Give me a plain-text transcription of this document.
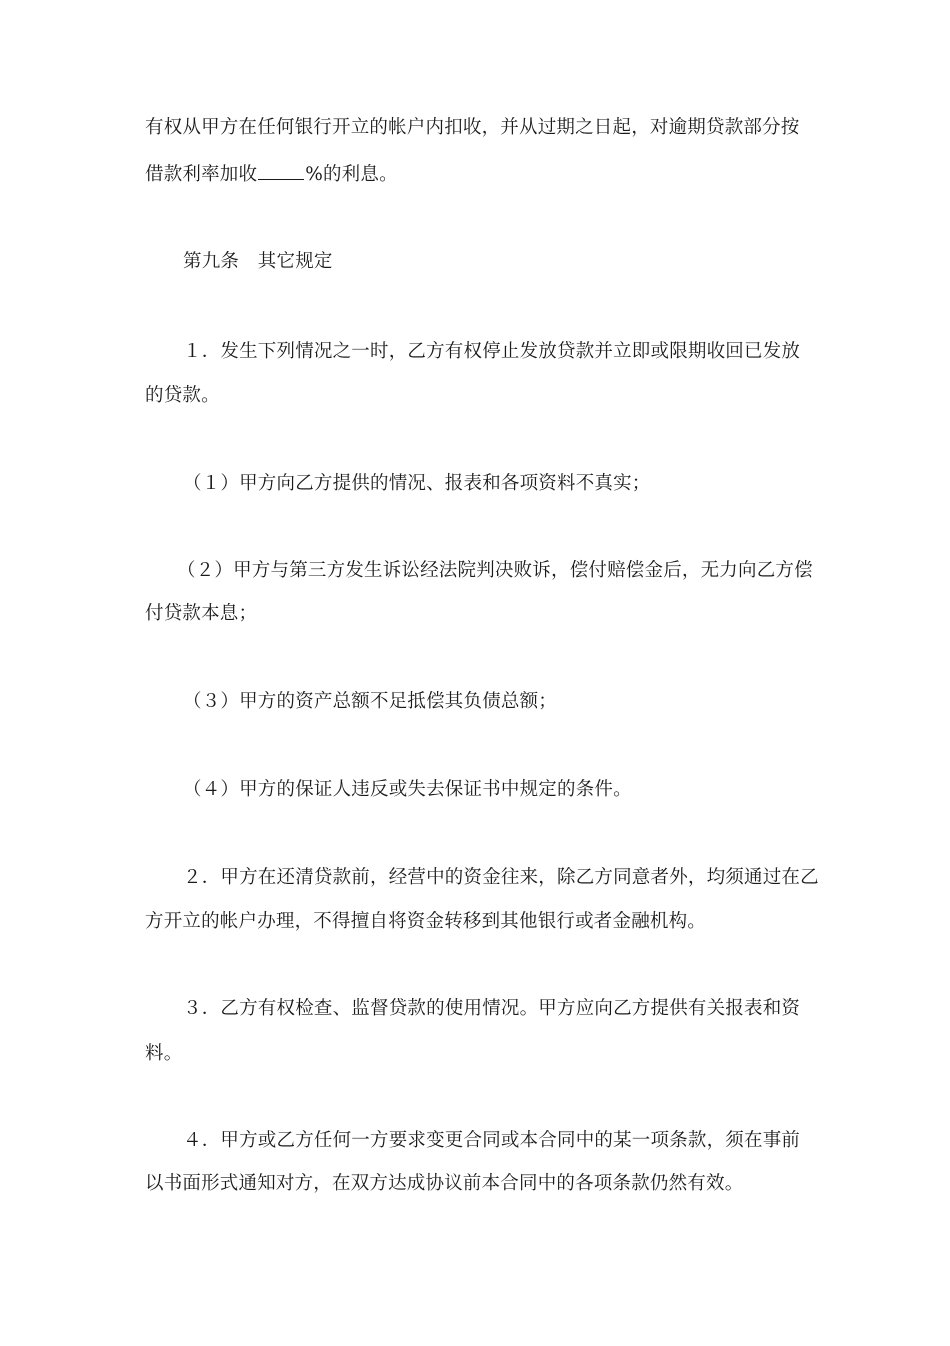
有权从甲方在任何银行开立的帐户内扣收，并从过期之日起，对逾期贷款部分按
借款利率加收	%的利息。
第九条　其它规定
１．发生下列情况之一时，乙方有权停止发放贷款并立即或限期收回已发放
的贷款。
（１）甲方向乙方提供的情况、报表和各项资料不真实；
（２）甲方与第三方发生诉讼经法院判决败诉，偿付赔偿金后，无力向乙方偿
付贷款本息；
（３）甲方的资产总额不足抵偿其负债总额；
（４）甲方的保证人违反或失去保证书中规定的条件。
２．甲方在还清贷款前，经营中的资金往来，除乙方同意者外，均须通过在乙
方开立的帐户办理，不得擅自将资金转移到其他银行或者金融机构。
３．乙方有权检查、监督贷款的使用情况。甲方应向乙方提供有关报表和资
料。
４．甲方或乙方任何一方要求变更合同或本合同中的某一项条款，须在事前
以书面形式通知对方，在双方达成协议前本合同中的各项条款仍然有效。
